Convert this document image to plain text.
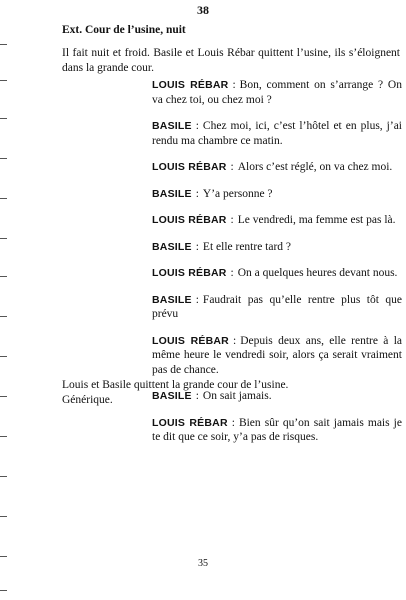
38
Ext. Cour de l’usine, nuit
Il fait nuit et froid. Basile et Louis Rébar quittent l’usine, ils s’éloignent dans la grande cour.

LOUIS RÉBAR : Bon, comment on s’arrange ? On va chez toi, ou chez moi ?

BASILE : Chez moi, ici, c’est l’hôtel et en plus, j’ai rendu ma chambre ce matin.

LOUIS RÉBAR : Alors c’est réglé, on va chez moi.

BASILE : Y’a personne ?

LOUIS RÉBAR : Le vendredi, ma femme est pas là.

BASILE : Et elle rentre tard ?

LOUIS RÉBAR : On a quelques heures devant nous.

BASILE : Faudrait pas qu’elle rentre plus tôt que prévu

LOUIS RÉBAR : Depuis deux ans, elle rentre à la même heure le vendredi soir, alors ça serait vraiment pas de chance.

BASILE : On sait jamais.

LOUIS RÉBAR : Bien sûr qu’on sait jamais mais je te dit que ce soir, y’a pas de risques.

Louis et Basile quittent la grande cour de l’usine.
Générique.
35
